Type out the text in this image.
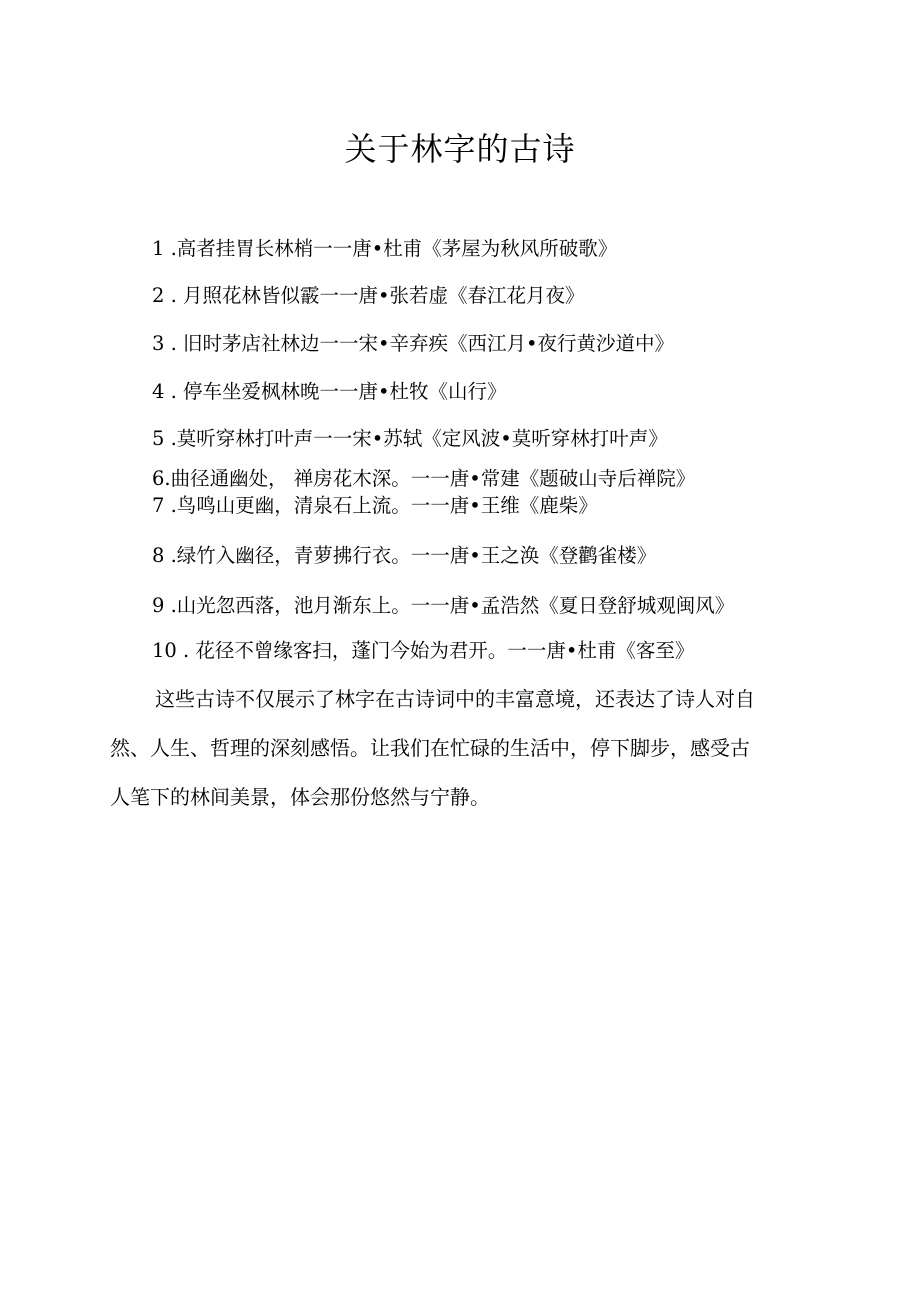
关于林字的古诗
1 .高者挂胃长林梢一一唐•杜甫《茅屋为秋风所破歌》
2 . 月照花林皆似霰一一唐•张若虚《春江花月夜》
3 . 旧时茅店社林边一一宋•辛弃疾《西江月•夜行黄沙道中》
4 . 停车坐爱枫林晚一一唐•杜牧《山行》
5 .莫听穿林打叶声一一宋•苏轼《定风波•莫听穿林打叶声》
6.曲径通幽处， 禅房花木深。一一唐•常建《题破山寺后禅院》
7 .鸟鸣山更幽，清泉石上流。一一唐•王维《鹿柴》
8 .绿竹入幽径，青萝拂行衣。一一唐•王之涣《登鹳雀楼》
9 .山光忽西落，池月渐东上。一一唐•孟浩然《夏日登舒城观闽风》
10 . 花径不曾缘客扫，蓬门今始为君开。一一唐•杜甫《客至》
这些古诗不仅展示了林字在古诗词中的丰富意境，还表达了诗人对自
然、人生、哲理的深刻感悟。让我们在忙碌的生活中，停下脚步，感受古
人笔下的林间美景，体会那份悠然与宁静。
